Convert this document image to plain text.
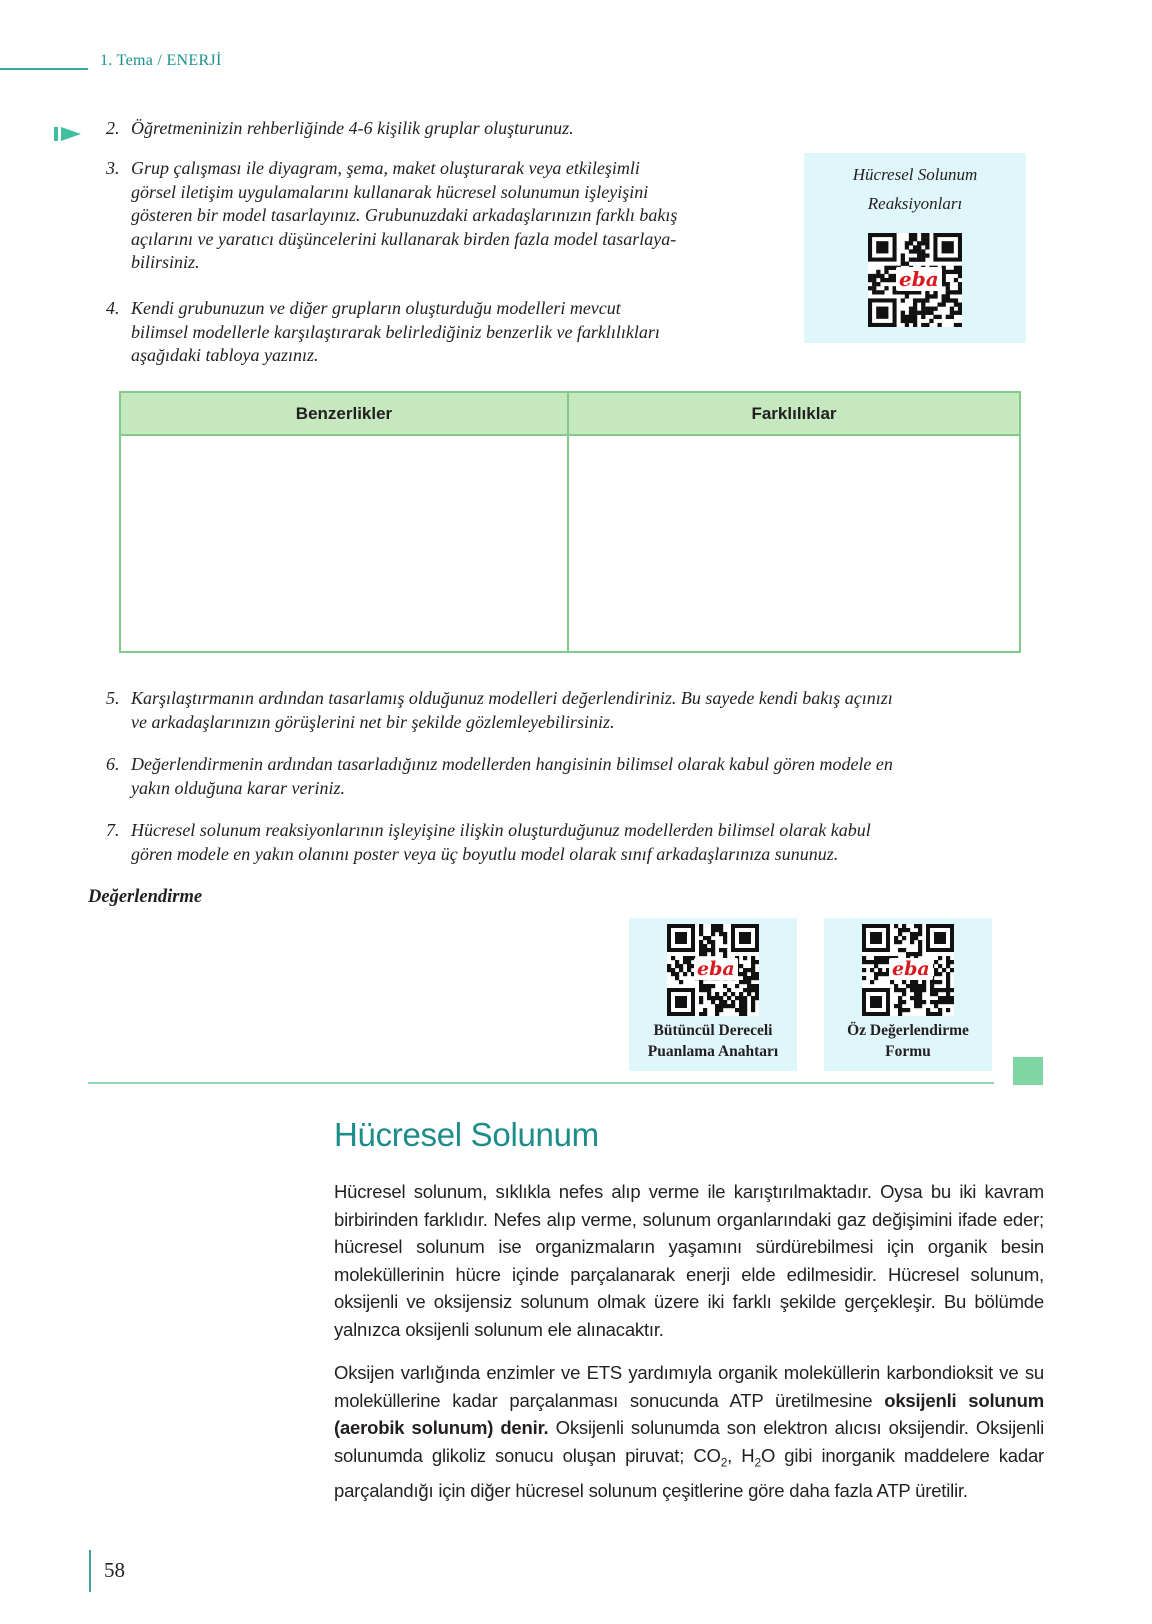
1. Tema / ENERJİ
2. Öğretmeninizin rehberliğinde 4-6 kişilik gruplar oluşturunuz.
3. Grup çalışması ile diyagram, şema, maket oluşturarak veya etkileşimli
görsel iletişim uygulamalarını kullanarak hücresel solunumun işleyişini
gösteren bir model tasarlayınız. Grubunuzdaki arkadaşlarınızın farklı bakış
açılarını ve yaratıcı düşüncelerini kullanarak birden fazla model tasarlaya-
bilirsiniz.
4. Kendi grubunuzun ve diğer grupların oluşturduğu modelleri mevcut
bilimsel modellerle karşılaştırarak belirlediğiniz benzerlik ve farklılıkları
aşağıdaki tabloya yazınız.
Hücresel Solunum
Reaksiyonları
eba
Benzerlikler	Farklılıklar
5. Karşılaştırmanın ardından tasarlamış olduğunuz modelleri değerlendiriniz. Bu sayede kendi bakış açınızı
ve arkadaşlarınızın görüşlerini net bir şekilde gözlemleyebilirsiniz.
6. Değerlendirmenin ardından tasarladığınız modellerden hangisinin bilimsel olarak kabul gören modele en
yakın olduğuna karar veriniz.
7. Hücresel solunum reaksiyonlarının işleyişine ilişkin oluşturduğunuz modellerden bilimsel olarak kabul
gören modele en yakın olanını poster veya üç boyutlu model olarak sınıf arkadaşlarınıza sununuz.
Değerlendirme
eba
Bütüncül Dereceli
Puanlama Anahtarı
eba
Öz Değerlendirme
Formu
Hücresel Solunum
Hücresel solunum, sıklıkla nefes alıp verme ile karıştırılmaktadır. Oysa bu iki kavram birbirinden farklıdır. Nefes alıp verme, solunum organlarındaki gaz değişimini ifade eder; hücresel solunum ise organizmaların yaşamını sürdürebilmesi için organik besin moleküllerinin hücre içinde parçalanarak enerji elde edilmesidir. Hücresel solunum, oksijenli ve oksijensiz solunum olmak üzere iki farklı şekilde gerçekleşir. Bu bölümde yalnızca oksijenli solunum ele alınacaktır.
Oksijen varlığında enzimler ve ETS yardımıyla organik moleküllerin karbondioksit ve su moleküllerine kadar parçalanması sonucunda ATP üretilmesine oksijenli solunum (aerobik solunum) denir. Oksijenli solunumda son elektron alıcısı oksijendir. Oksijenli solunumda glikoliz sonucu oluşan piruvat; $CO_2$, $H_2O$ gibi inorganik maddelere kadar parçalandığı için diğer hücresel solunum çeşitlerine göre daha fazla ATP üretilir.
58
